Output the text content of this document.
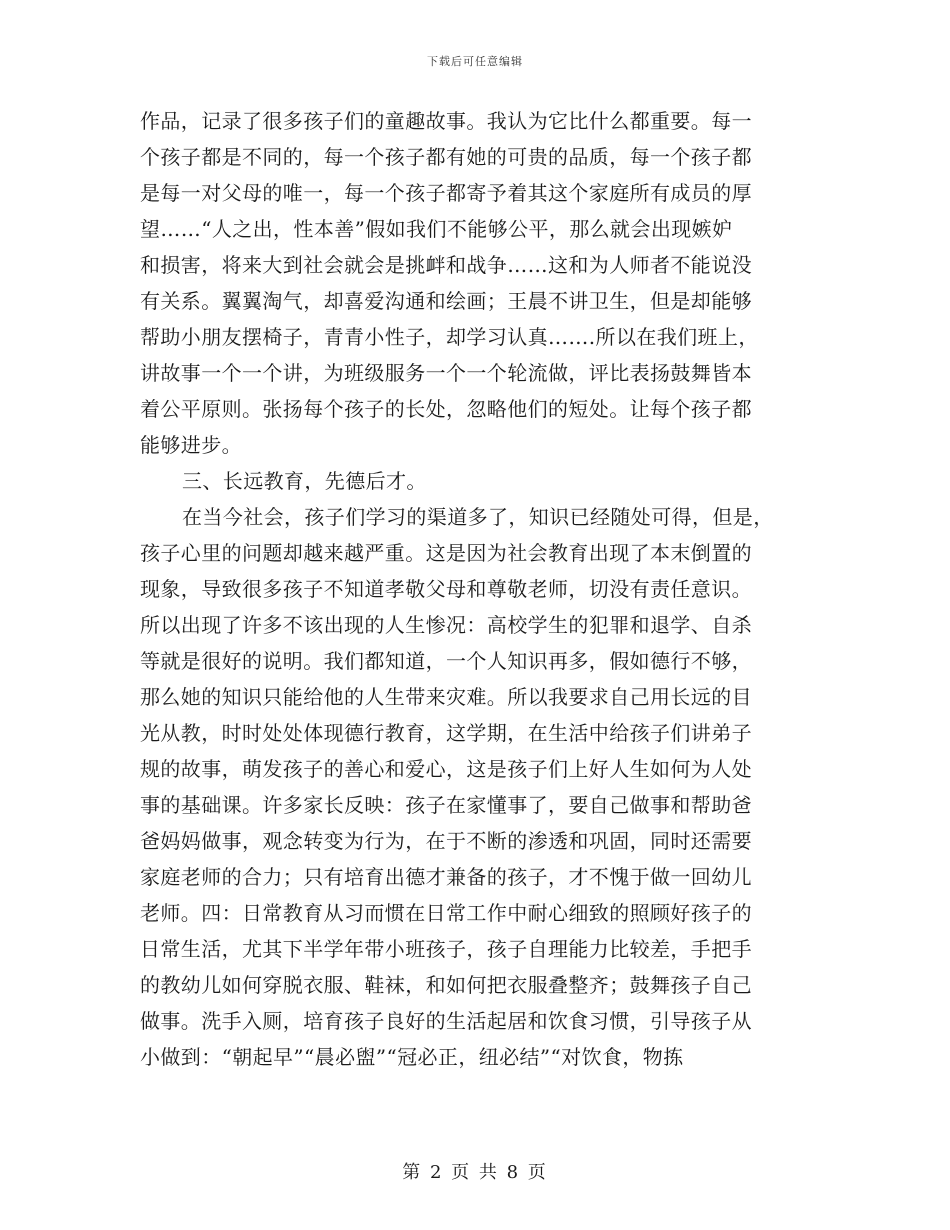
下载后可任意编辑
作品，记录了很多孩子们的童趣故事。我认为它比什么都重要。每一
个孩子都是不同的，每一个孩子都有她的可贵的品质，每一个孩子都
是每一对父母的唯一，每一个孩子都寄予着其这个家庭所有成员的厚
望……“人之出，性本善”假如我们不能够公平，那么就会出现嫉妒
和损害，将来大到社会就会是挑衅和战争……这和为人师者不能说没
有关系。翼翼淘气，却喜爱沟通和绘画；王晨不讲卫生，但是却能够
帮助小朋友摆椅子，青青小性子，却学习认真…….所以在我们班上，
讲故事一个一个讲，为班级服务一个一个轮流做，评比表扬鼓舞皆本
着公平原则。张扬每个孩子的长处，忽略他们的短处。让每个孩子都
能够进步。
三、长远教育，先德后才。
在当今社会，孩子们学习的渠道多了，知识已经随处可得，但是，
孩子心里的问题却越来越严重。这是因为社会教育出现了本末倒置的
现象，导致很多孩子不知道孝敬父母和尊敬老师，切没有责任意识。
所以出现了许多不该出现的人生惨况：高校学生的犯罪和退学、自杀
等就是很好的说明。我们都知道，一个人知识再多，假如德行不够，
那么她的知识只能给他的人生带来灾难。所以我要求自己用长远的目
光从教，时时处处体现德行教育，这学期，在生活中给孩子们讲弟子
规的故事，萌发孩子的善心和爱心，这是孩子们上好人生如何为人处
事的基础课。许多家长反映：孩子在家懂事了，要自己做事和帮助爸
爸妈妈做事，观念转变为行为，在于不断的渗透和巩固，同时还需要
家庭老师的合力；只有培育出德才兼备的孩子，才不愧于做一回幼儿
老师。四：日常教育从习而惯在日常工作中耐心细致的照顾好孩子的
日常生活，尤其下半学年带小班孩子，孩子自理能力比较差，手把手
的教幼儿如何穿脱衣服、鞋袜，和如何把衣服叠整齐；鼓舞孩子自己
做事。洗手入厕，培育孩子良好的生活起居和饮食习惯，引导孩子从
小做到：“朝起早”“晨必盥”“冠必正，纽必结”“对饮食，物拣
第 2 页 共 8 页
